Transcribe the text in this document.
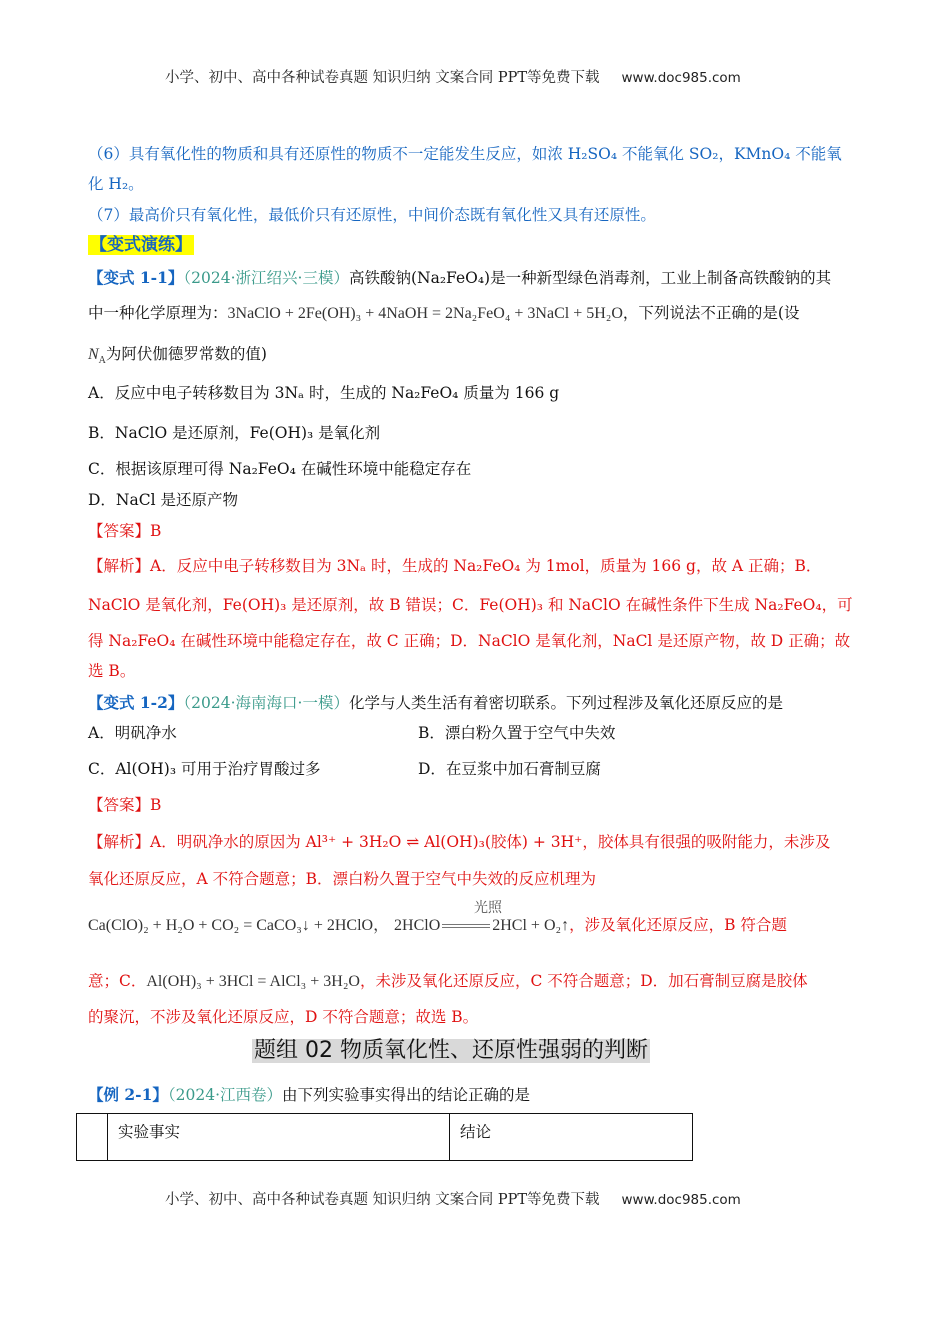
小学、初中、高中各种试卷真题 知识归纳 文案合同 PPT等免费下载 www.doc985.com
（6）具有氧化性的物质和具有还原性的物质不一定能发生反应，如浓 H₂SO₄ 不能氧化 SO₂，KMnO₄ 不能氧
化 H₂。
（7）最高价只有氧化性，最低价只有还原性，中间价态既有氧化性又具有还原性。
【变式演练】
【变式 1-1】（2024·浙江绍兴·三模）高铁酸钠(Na₂FeO₄)是一种新型绿色消毒剂，工业上制备高铁酸钠的其
中一种化学原理为：3NaClO + 2Fe(OH)₃ + 4NaOH = 2Na₂FeO₄ + 3NaCl + 5H₂O，下列说法不正确的是(设
$N_A$为阿伏伽德罗常数的值)
A．反应中电子转移数目为 3Nₐ 时，生成的 Na₂FeO₄ 质量为 166 g
B．NaClO 是还原剂，Fe(OH)₃ 是氧化剂
C．根据该原理可得 Na₂FeO₄ 在碱性环境中能稳定存在
D．NaCl 是还原产物
【答案】B
【解析】A．反应中电子转移数目为 3Nₐ 时，生成的 Na₂FeO₄ 为 1mol，质量为 166 g，故 A 正确；B．
NaClO 是氧化剂，Fe(OH)₃ 是还原剂，故 B 错误；C．Fe(OH)₃ 和 NaClO 在碱性条件下生成 Na₂FeO₄，可
得 Na₂FeO₄ 在碱性环境中能稳定存在，故 C 正确；D．NaClO 是氧化剂，NaCl 是还原产物，故 D 正确；故
选 B。
【变式 1-2】（2024·海南海口·一模）化学与人类生活有着密切联系。下列过程涉及氧化还原反应的是
A．明矾净水	B．漂白粉久置于空气中失效
C．Al(OH)₃ 可用于治疗胃酸过多	D．在豆浆中加石膏制豆腐
【答案】B
【解析】A．明矾净水的原因为 Al³⁺ + 3H₂O ⇌ Al(OH)₃(胶体) + 3H⁺，胶体具有很强的吸附能力，未涉及
氧化还原反应，A 不符合题意；B．漂白粉久置于空气中失效的反应机理为
光照
Ca(ClO)₂ + H₂O + CO₂ = CaCO₃↓ + 2HClO， 2HClO	2HCl + O₂↑，涉及氧化还原反应，B 符合题
意；C．Al(OH)₃ + 3HCl = AlCl₃ + 3H₂O，未涉及氧化还原反应，C 不符合题意；D．加石膏制豆腐是胶体
的聚沉，不涉及氧化还原反应，D 不符合题意；故选 B。
题组 02 物质氧化性、还原性强弱的判断
【例 2-1】（2024·江西卷）由下列实验事实得出的结论正确的是
	实验事实	结论
小学、初中、高中各种试卷真题 知识归纳 文案合同 PPT等免费下载 www.doc985.com
